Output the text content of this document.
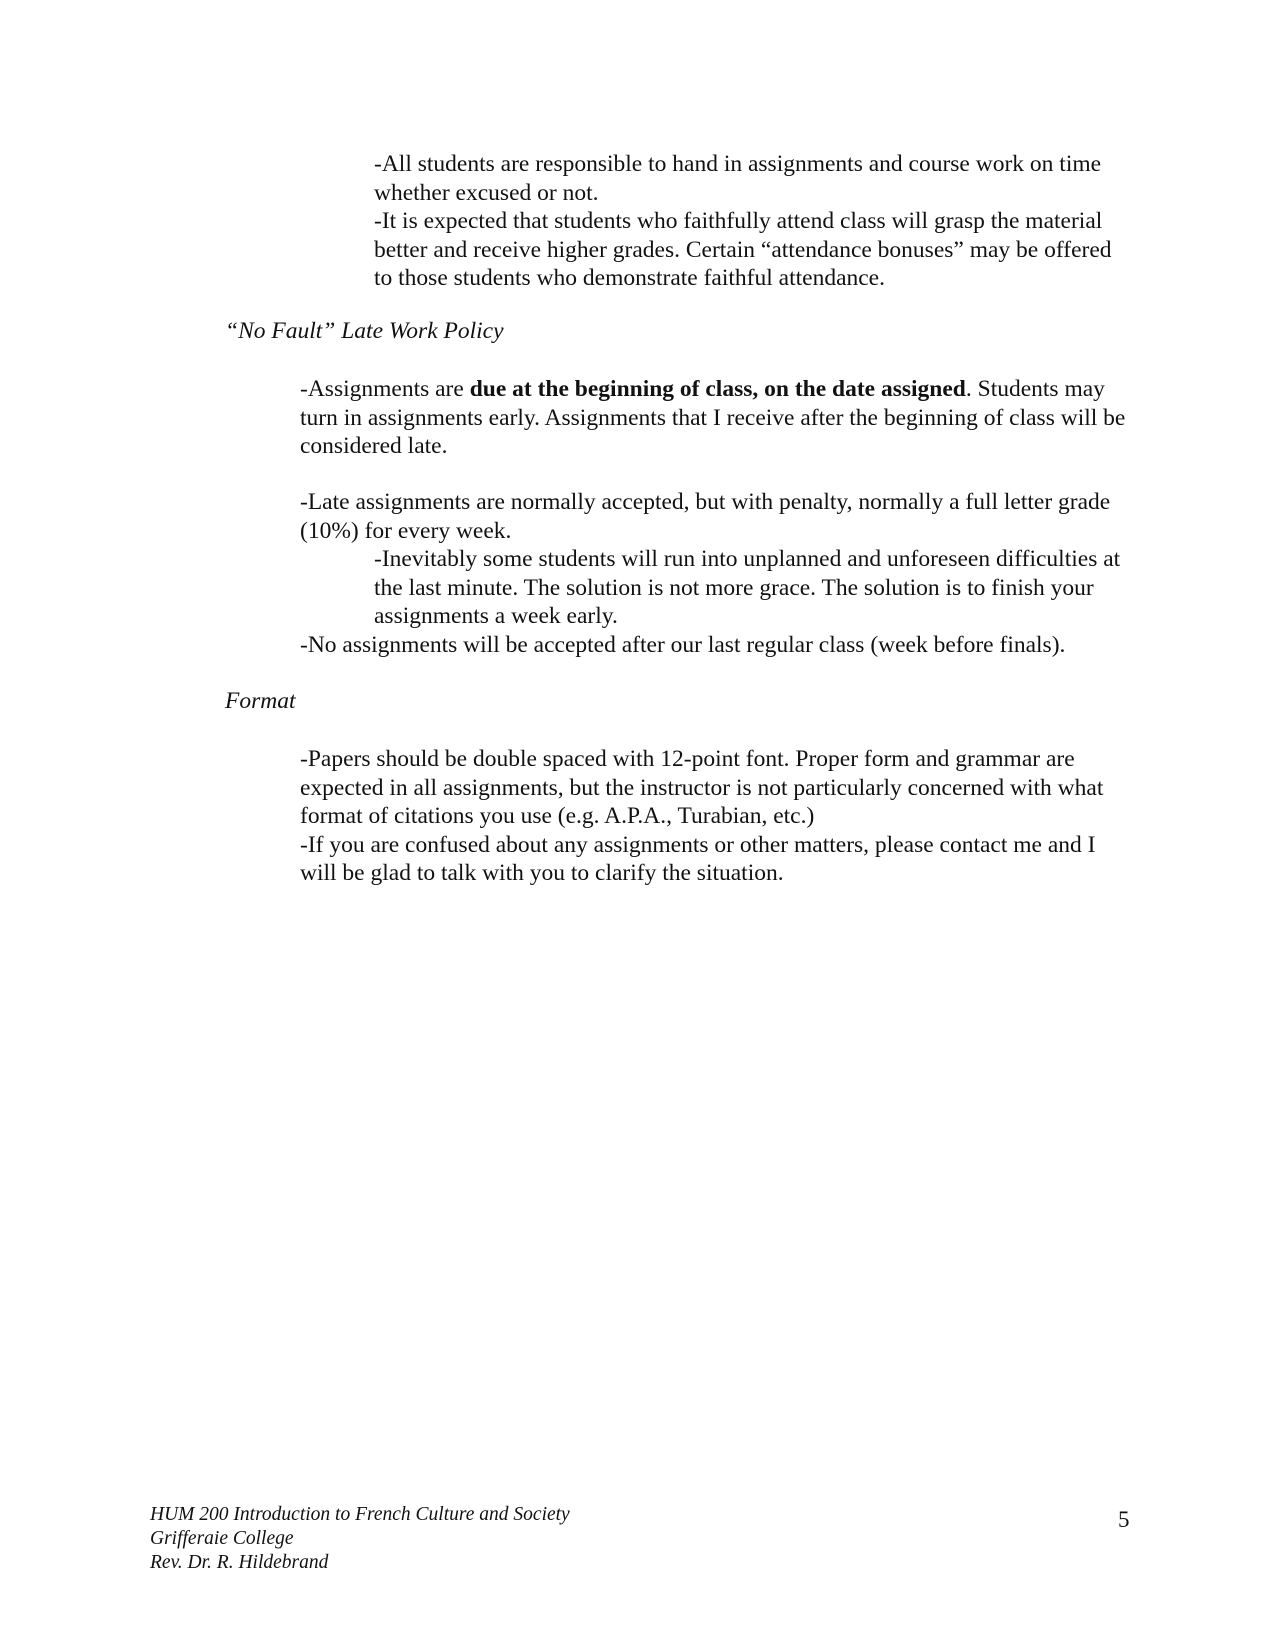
-All students are responsible to hand in assignments and course work on time whether excused or not.

-It is expected that students who faithfully attend class will grasp the material better and receive higher grades. Certain “attendance bonuses” may be offered to those students who demonstrate faithful attendance.

“No Fault” Late Work Policy

-Assignments are due at the beginning of class, on the date assigned. Students may turn in assignments early. Assignments that I receive after the beginning of class will be considered late.

-Late assignments are normally accepted, but with penalty, normally a full letter grade (10%) for every week.

-Inevitably some students will run into unplanned and unforeseen difficulties at the last minute. The solution is not more grace. The solution is to finish your assignments a week early.

-No assignments will be accepted after our last regular class (week before finals).

Format

-Papers should be double spaced with 12-point font. Proper form and grammar are expected in all assignments, but the instructor is not particularly concerned with what format of citations you use (e.g. A.P.A., Turabian, etc.)

-If you are confused about any assignments or other matters, please contact me and I will be glad to talk with you to clarify the situation.

HUM 200 Introduction to French Culture and Society
Grifferaie College
Rev. Dr. R. Hildebrand
5
